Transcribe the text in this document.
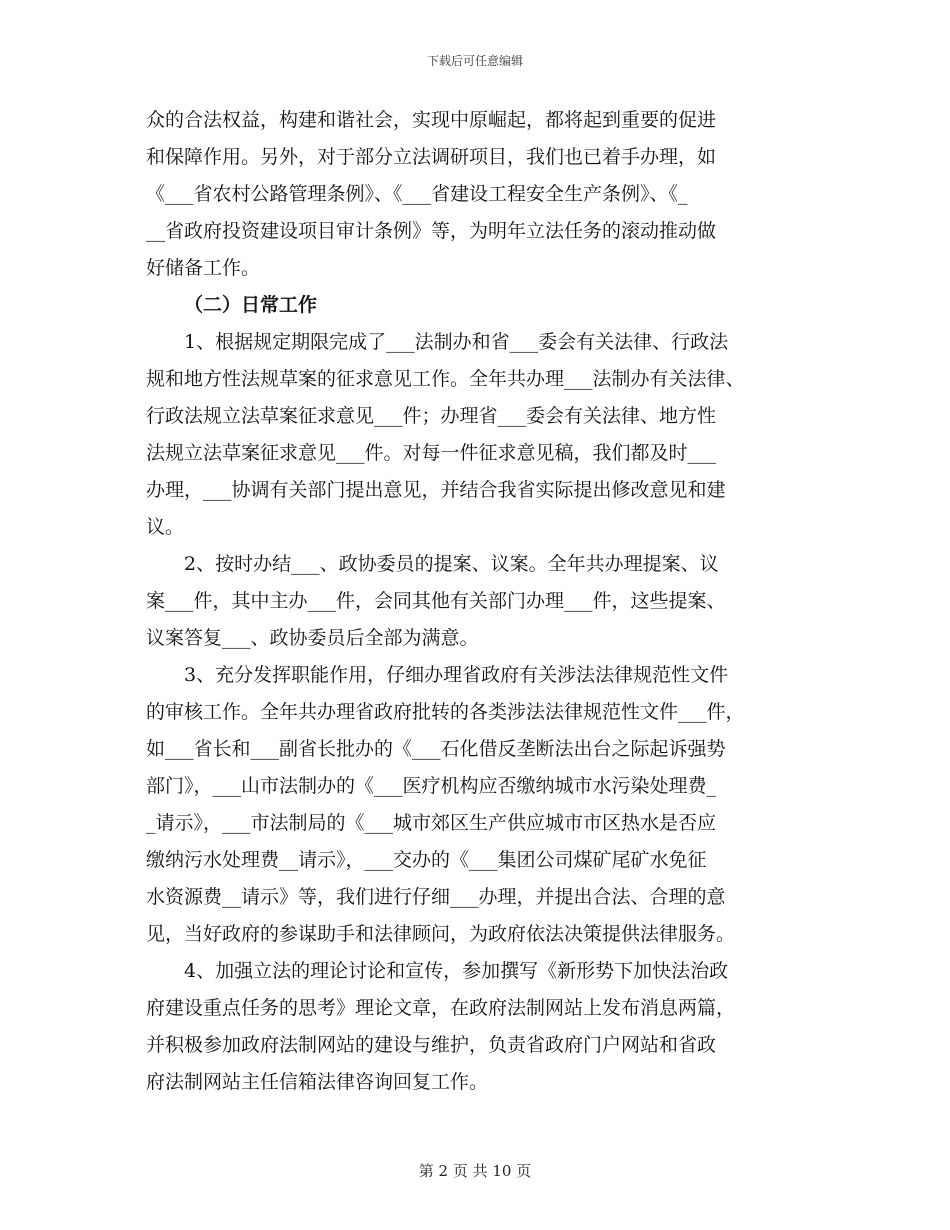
下载后可任意编辑
众的合法权益，构建和谐社会，实现中原崛起，都将起到重要的促进
和保障作用。另外，对于部分立法调研项目，我们也已着手办理，如
《___省农村公路管理条例》、《___省建设工程安全生产条例》、《_
__省政府投资建设项目审计条例》等，为明年立法任务的滚动推动做
好储备工作。
（二）日常工作
1、根据规定期限完成了___法制办和省___委会有关法律、行政法
规和地方性法规草案的征求意见工作。全年共办理___法制办有关法律、
行政法规立法草案征求意见___件；办理省___委会有关法律、地方性
法规立法草案征求意见___件。对每一件征求意见稿，我们都及时___
办理，___协调有关部门提出意见，并结合我省实际提出修改意见和建
议。
2、按时办结___、政协委员的提案、议案。全年共办理提案、议
案___件，其中主办___件，会同其他有关部门办理___件，这些提案、
议案答复___、政协委员后全部为满意。
3、充分发挥职能作用，仔细办理省政府有关涉法法律规范性文件
的审核工作。全年共办理省政府批转的各类涉法法律规范性文件___件，
如___省长和___副省长批办的《___石化借反垄断法出台之际起诉强势
部门》，___山市法制办的《___医疗机构应否缴纳城市水污染处理费_
_请示》，___市法制局的《___城市郊区生产供应城市市区热水是否应
缴纳污水处理费__请示》，___交办的《___集团公司煤矿尾矿水免征
水资源费__请示》等，我们进行仔细___办理，并提出合法、合理的意
见，当好政府的参谋助手和法律顾问，为政府依法决策提供法律服务。
4、加强立法的理论讨论和宣传，参加撰写《新形势下加快法治政
府建设重点任务的思考》理论文章，在政府法制网站上发布消息两篇，
并积极参加政府法制网站的建设与维护，负责省政府门户网站和省政
府法制网站主任信箱法律咨询回复工作。
第 2 页 共 10 页
